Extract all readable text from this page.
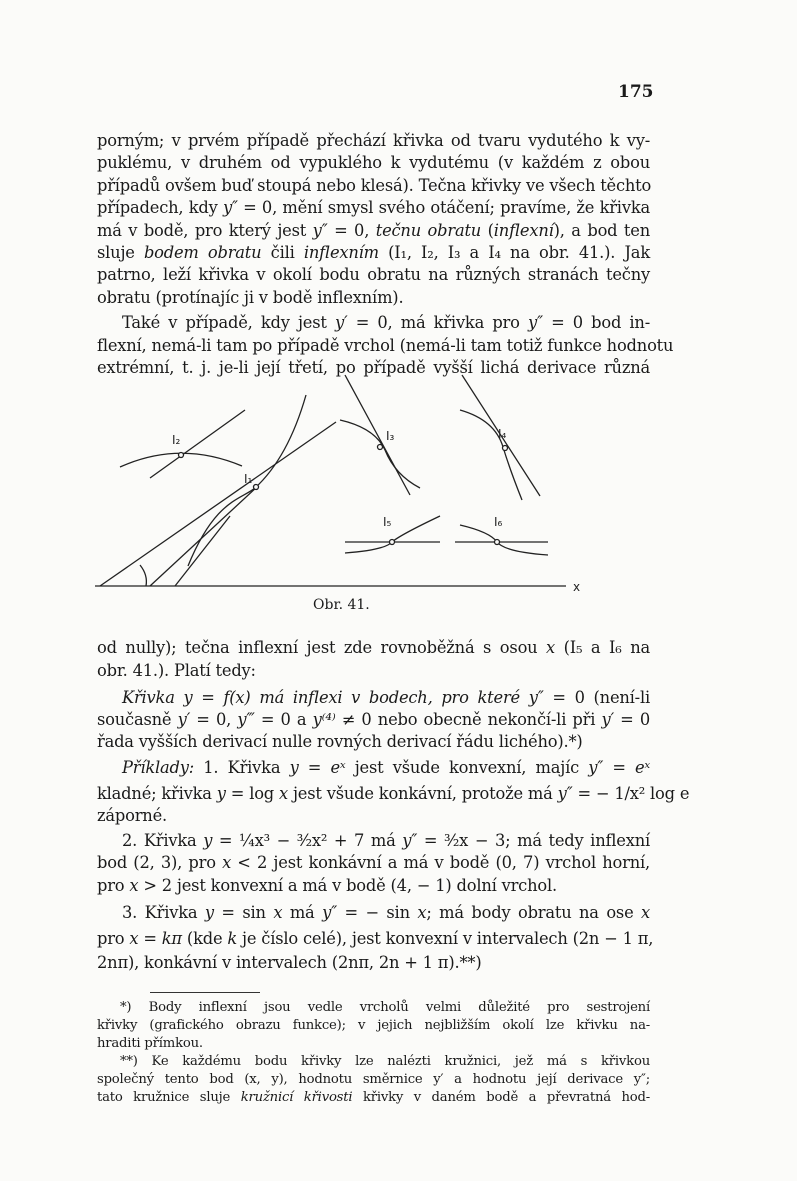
175
porným; v prvém případě přechází křivka od tvaru vydutého k vy-
puklému, v druhém od vypuklého k vydutému (v každém z obou
případů ovšem buď stoupá nebo klesá). Tečna křivky ve všech těchto
případech, kdy y″ = 0, mění smysl svého otáčení; pravíme, že křivka
má v bodě, pro který jest y″ = 0, tečnu obratu (inflexní), a bod ten
sluje bodem obratu čili inflexním (I₁, I₂, I₃ a I₄ na obr. 41.). Jak
patrno, leží křivka v okolí bodu obratu na různých stranách tečny
obratu (protínajíc ji v bodě inflexním).
Také v případě, kdy jest y′ = 0, má křivka pro y″ = 0 bod in-
flexní, nemá-li tam po případě vrchol (nemá-li tam totiž funkce hodnotu
extrémní, t. j. je-li její třetí, po případě vyšší lichá derivace různá
od nully); tečna inflexní jest zde rovnoběžná s osou x (I₅ a I₆ na
obr. 41.). Platí tedy:
Křivka y = f(x) má inflexi v bodech, pro které y″ = 0 (není-li
současně y′ = 0, y‴ = 0 a y⁽⁴⁾ ≠ 0 nebo obecně nekončí-li při y′ = 0
řada vyšších derivací nulle rovných derivací řádu lichého).*)
Příklady: 1. Křivka y = eˣ jest všude konvexní, majíc y″ = eˣ
kladné; křivka y = log x jest všude konkávní, protože má y″ = − 1/x² log e
záporné.
2. Křivka y = ¼x³ − ³⁄₂x² + 7 má y″ = ³⁄₂x − 3; má tedy inflexní
bod (2, 3), pro x < 2 jest konkávní a má v bodě (0, 7) vrchol horní,
pro x > 2 jest konvexní a má v bodě (4, − 1) dolní vrchol.
3. Křivka y = sin x má y″ = − sin x; má body obratu na ose x
pro x = kπ (kde k je číslo celé), jest konvexní v intervalech (2n − 1 π,
2nπ), konkávní v intervalech (2nπ, 2n + 1 π).**)
I₁
I₂	I₃	I₄
I₅	I₆
x
Obr. 41.
*) Body inflexní jsou vedle vrcholů velmi důležité pro sestrojení
křivky (grafického obrazu funkce); v jejich nejbližším okolí lze křivku na-
hraditi přímkou.
**) Ke každému bodu křivky lze nalézti kružnici, jež má s křivkou
společný tento bod (x, y), hodnotu směrnice y′ a hodnotu její derivace y″;
tato kružnice sluje kružnicí křivosti křivky v daném bodě a převratná hod-
